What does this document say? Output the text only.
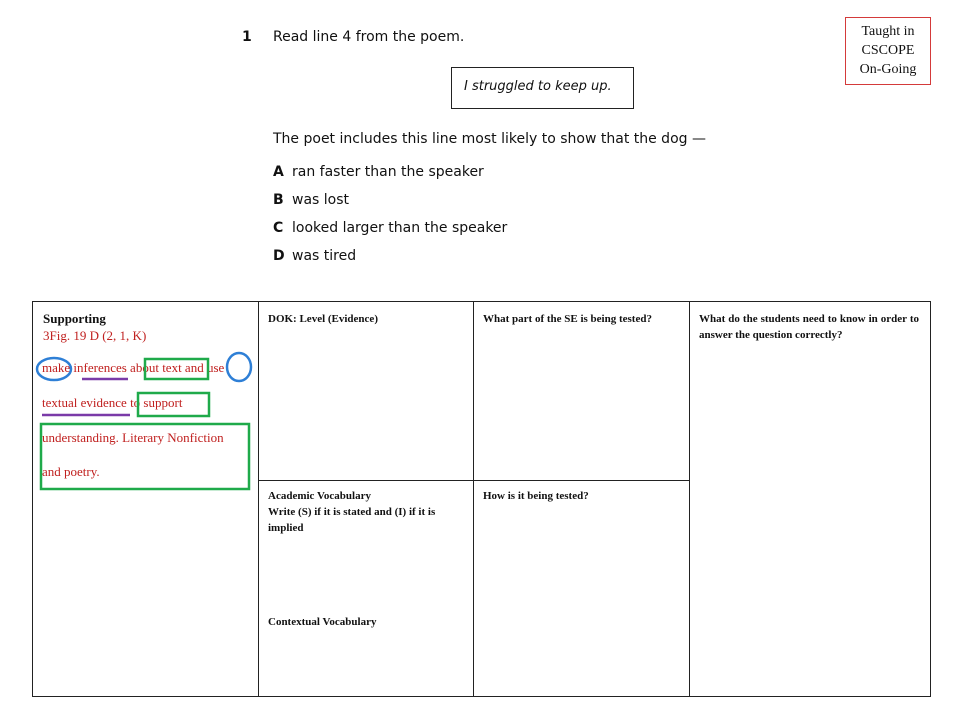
1 Read line 4 from the poem.
I struggled to keep up.
The poet includes this line most likely to show that the dog —
A ran faster than the speaker
B was lost
C looked larger than the speaker
D was tired
Taught in
CSCOPE
On-Going
Supporting
3Fig. 19 D (2, 1, K)
make inferences about text and use
textual evidence to support
understanding. Literary Nonfiction
and poetry.
DOK: Level (Evidence)
Academic Vocabulary
Write (S) if it is stated and (I) if it is implied
Contextual Vocabulary
What part of the SE is being tested?
How is it being tested?
What do the students need to know in order to answer the question correctly?
